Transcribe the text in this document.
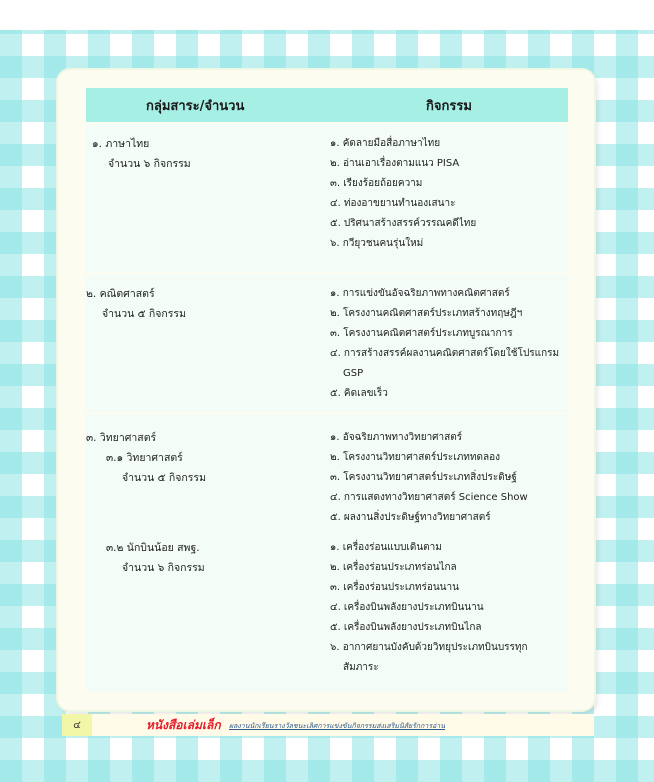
กลุ่มสาระ/จำนวน	กิจกรรม
๑. ภาษาไทย
จำนวน ๖ กิจกรรม
๑. คัดลายมือสื่อภาษาไทย
๒. อ่านเอาเรื่องตามแนว PISA
๓. เรียงร้อยถ้อยความ
๔. ท่องอาขยานทำนองเสนาะ
๕. ปริศนาสร้างสรรค์วรรณคดีไทย
๖. กวียุวชนคนรุ่นใหม่
๒. คณิตศาสตร์
จำนวน ๕ กิจกรรม
๑. การแข่งขันอัจฉริยภาพทางคณิตศาสตร์
๒. โครงงานคณิตศาสตร์ประเภทสร้างทฤษฎีฯ
๓. โครงงานคณิตศาสตร์ประเภทบูรณาการ
๔. การสร้างสรรค์ผลงานคณิตศาสตร์โดยใช้โปรแกรม
GSP
๕. คิดเลขเร็ว
๓. วิทยาศาสตร์
๓.๑ วิทยาศาสตร์
จำนวน ๕ กิจกรรม
๑. อัจฉริยภาพทางวิทยาศาสตร์
๒. โครงงานวิทยาศาสตร์ประเภททดลอง
๓. โครงงานวิทยาศาสตร์ประเภทสิ่งประดิษฐ์
๔. การแสดงทางวิทยาศาสตร์ Science Show
๕. ผลงานสิ่งประดิษฐ์ทางวิทยาศาสตร์
๓.๒ นักบินน้อย สพฐ.
จำนวน ๖ กิจกรรม
๑. เครื่องร่อนแบบเดินตาม
๒. เครื่องร่อนประเภทร่อนไกล
๓. เครื่องร่อนประเภทร่อนนาน
๔. เครื่องบินพลังยางประเภทบินนาน
๕. เครื่องบินพลังยางประเภทบินไกล
๖. อากาศยานบังคับด้วยวิทยุประเภทบินบรรทุก
สัมภาระ
๔	หนังสือเล่มเล็ก ผลงานนักเรียนรางวัลชนะเลิศการแข่งขันกิจกรรมส่งเสริมนิสัยรักการอ่าน
